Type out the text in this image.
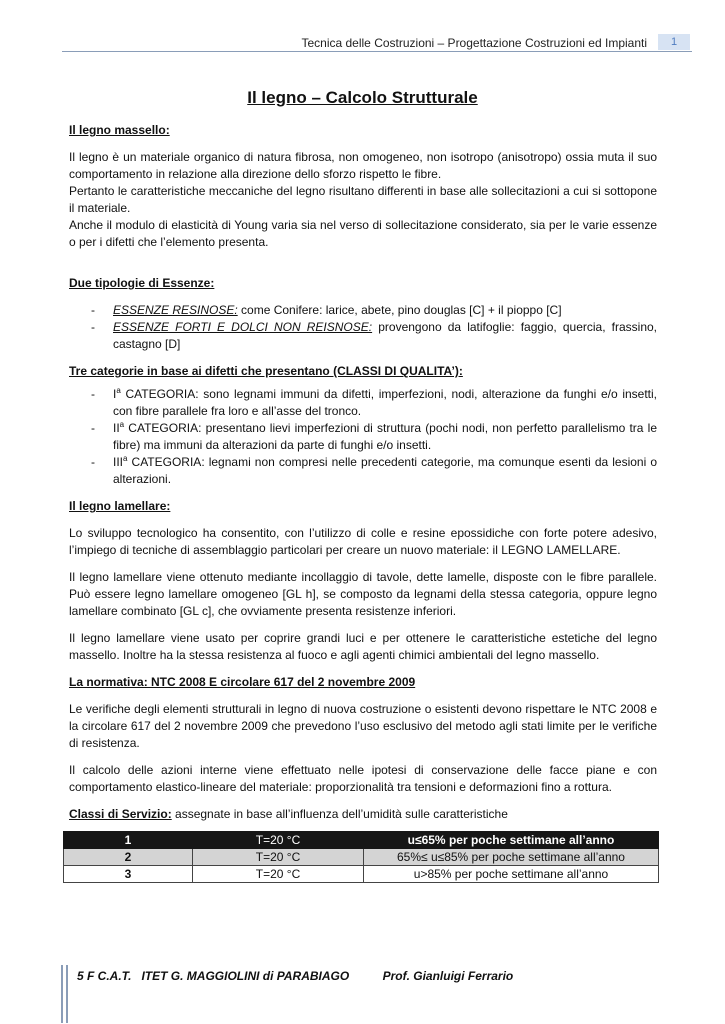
Tecnica delle Costruzioni – Progettazione Costruzioni ed Impianti	1
Il legno – Calcolo Strutturale
Il legno massello:
Il legno è un materiale organico di natura fibrosa, non omogeneo, non isotropo (anisotropo) ossia muta il suo comportamento in relazione alla direzione dello sforzo rispetto le fibre.
Pertanto le caratteristiche meccaniche del legno risultano differenti in base alle sollecitazioni a cui si sottopone il materiale.
Anche il modulo di elasticità di Young varia sia nel verso di sollecitazione considerato, sia per le varie essenze o per i difetti che l’elemento presenta.
Due tipologie di Essenze:
- ESSENZE RESINOSE: come Conifere: larice, abete, pino douglas [C] + il pioppo [C]
- ESSENZE FORTI E DOLCI NON REISNOSE: provengono da latifoglie: faggio, quercia, frassino, castagno [D]
Tre categorie in base ai difetti che presentano (CLASSI DI QUALITA’):
- $I^a$ CATEGORIA: sono legnami immuni da difetti, imperfezioni, nodi, alterazione da funghi e/o insetti, con fibre parallele fra loro e all’asse del tronco.
- $II^a$ CATEGORIA: presentano lievi imperfezioni di struttura (pochi nodi, non perfetto parallelismo tra le fibre) ma immuni da alterazioni da parte di funghi e/o insetti.
- III$^a$ CATEGORIA: legnami non compresi nelle precedenti categorie, ma comunque esenti da lesioni o alterazioni.
Il legno lamellare:

Lo sviluppo tecnologico ha consentito, con l’utilizzo di colle e resine epossidiche con forte potere adesivo, l’impiego di tecniche di assemblaggio particolari per creare un nuovo materiale: il LEGNO LAMELLARE.

Il legno lamellare viene ottenuto mediante incollaggio di tavole, dette lamelle, disposte con le fibre parallele. Può essere legno lamellare omogeneo [GL h], se composto da legnami della stessa categoria, oppure legno lamellare combinato [GL c], che ovviamente presenta resistenze inferiori.

Il legno lamellare viene usato per coprire grandi luci e per ottenere le caratteristiche estetiche del legno massello. Inoltre ha la stessa resistenza al fuoco e agli agenti chimici ambientali del legno massello.

La normativa: NTC 2008 E circolare 617 del 2 novembre 2009

Le verifiche degli elementi strutturali in legno di nuova costruzione o esistenti devono rispettare le NTC 2008 e la circolare 617 del 2 novembre 2009 che prevedono l’uso esclusivo del metodo agli stati limite per le verifiche di resistenza.

Il calcolo delle azioni interne viene effettuato nelle ipotesi di conservazione delle facce piane e con comportamento elastico-lineare del materiale: proporzionalità tra tensioni e deformazioni fino a rottura.

Classi di Servizio: assegnate in base all’influenza dell’umidità sulle caratteristiche
1	T=20 °C	u≤65% per poche settimane all’anno
2	T=20 °C	65%≤ u≤85% per poche settimane all’anno
3	T=20 °C	u>85% per poche settimane all’anno
5 F C.A.T.   ITET G. MAGGIOLINI di PARABIAGO	Prof. Gianluigi Ferrario
